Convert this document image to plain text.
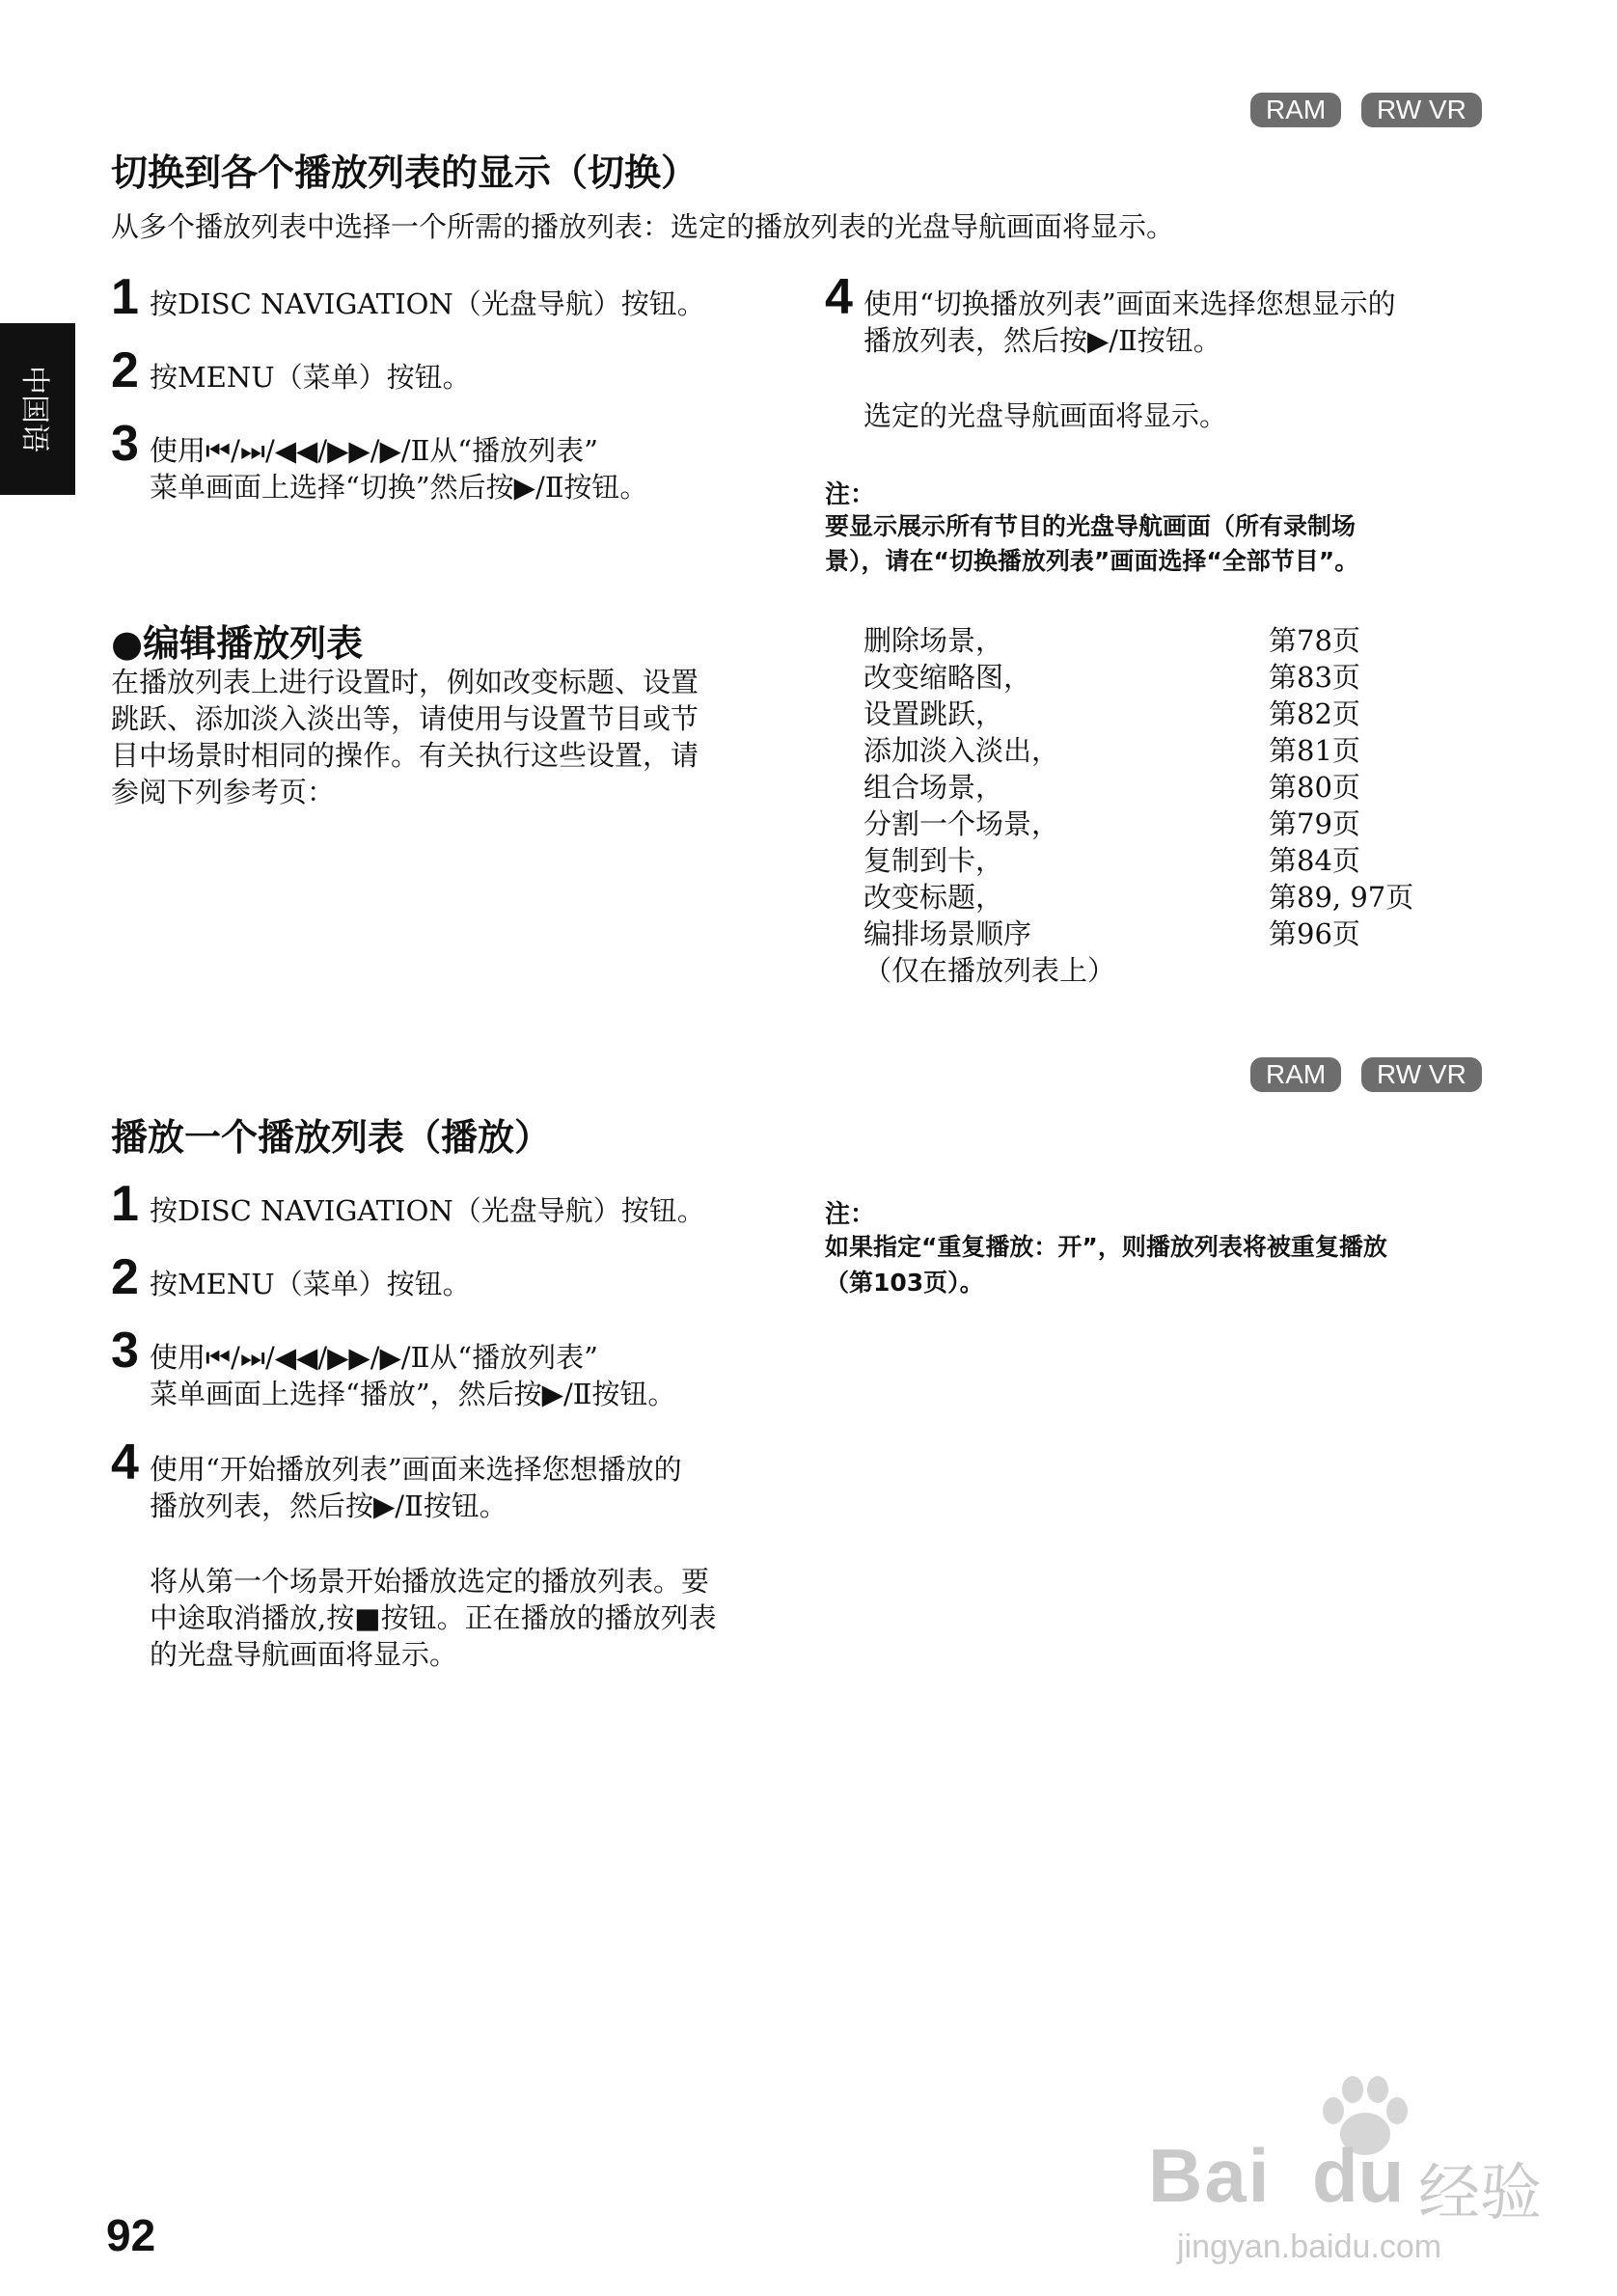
中国语
RAM	RW VR
切换到各个播放列表的显示（切换）
从多个播放列表中选择一个所需的播放列表：选定的播放列表的光盘导航画面将显示。
1 按DISC NAVIGATION（光盘导航）按钮。
2 按MENU（菜单）按钮。
3 使用⏮/⏭/◀◀/▶▶/▶/Ⅱ从“播放列表”
菜单画面上选择“切换”然后按▶/Ⅱ按钮。
4 使用“切换播放列表”画面来选择您想显示的
播放列表，然后按▶/Ⅱ按钮。
选定的光盘导航画面将显示。
注：
要显示展示所有节目的光盘导航画面（所有录制场
景），请在“切换播放列表”画面选择“全部节目”。
●编辑播放列表
在播放列表上进行设置时，例如改变标题、设置
跳跃、添加淡入淡出等，请使用与设置节目或节
目中场景时相同的操作。有关执行这些设置，请
参阅下列参考页：
删除场景，	第78页
改变缩略图，	第83页
设置跳跃，	第82页
添加淡入淡出，	第81页
组合场景，	第80页
分割一个场景，	第79页
复制到卡，	第84页
改变标题，	第89, 97页
编排场景顺序	第96页
（仅在播放列表上）
RAM	RW VR
播放一个播放列表（播放）
1 按DISC NAVIGATION（光盘导航）按钮。
2 按MENU（菜单）按钮。
3 使用⏮/⏭/◀◀/▶▶/▶/Ⅱ从“播放列表”
菜单画面上选择“播放”，然后按▶/Ⅱ按钮。
4 使用“开始播放列表”画面来选择您想播放的
播放列表，然后按▶/Ⅱ按钮。
将从第一个场景开始播放选定的播放列表。要
中途取消播放,按■按钮。正在播放的播放列表
的光盘导航画面将显示。
注：
如果指定“重复播放：开”，则播放列表将被重复播放
（第103页）。
92
Bai du 经验
jingyan.baidu.com
